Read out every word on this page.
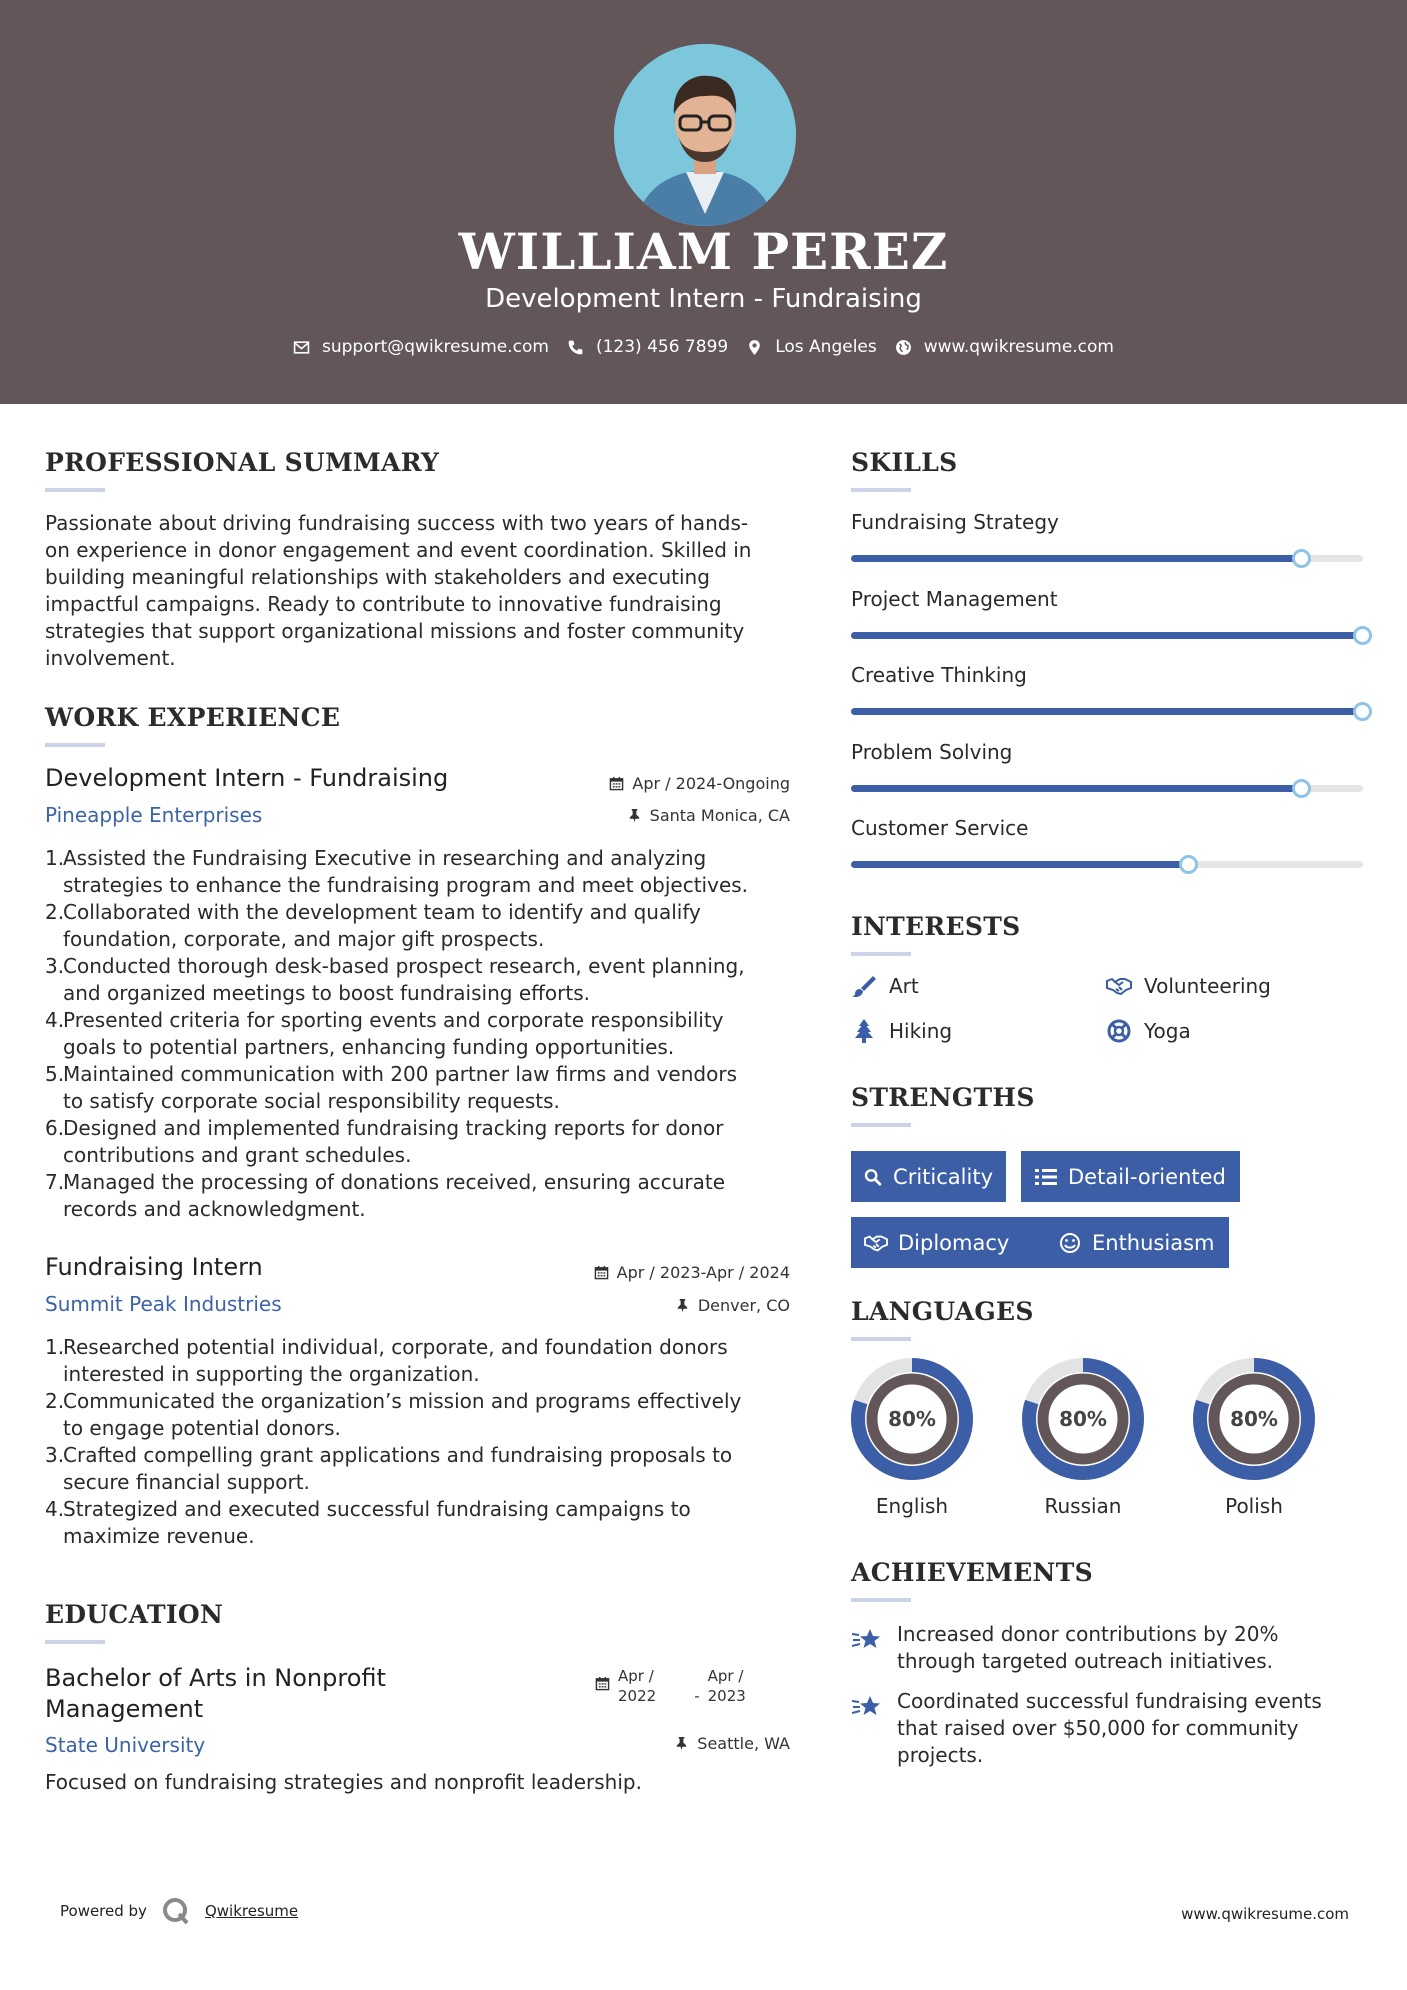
WILLIAM PEREZ
Development Intern - Fundraising
support@qwikresume.com	(123) 456 7899	Los Angeles	www.qwikresume.com
PROFESSIONAL SUMMARY
Passionate about driving fundraising success with two years of hands-
on experience in donor engagement and event coordination. Skilled in
building meaningful relationships with stakeholders and executing
impactful campaigns. Ready to contribute to innovative fundraising
strategies that support organizational missions and foster community
involvement.
WORK EXPERIENCE
Development Intern - Fundraising	Apr / 2024-Ongoing
Pineapple Enterprises	Santa Monica, CA
Assisted the Fundraising Executive in researching and analyzing
strategies to enhance the fundraising program and meet objectives.
Collaborated with the development team to identify and qualify
foundation, corporate, and major gift prospects.
Conducted thorough desk-based prospect research, event planning,
and organized meetings to boost fundraising efforts.
Presented criteria for sporting events and corporate responsibility
goals to potential partners, enhancing funding opportunities.
Maintained communication with 200 partner law firms and vendors
to satisfy corporate social responsibility requests.
Designed and implemented fundraising tracking reports for donor
contributions and grant schedules.
Managed the processing of donations received, ensuring accurate
records and acknowledgment.
Fundraising Intern	Apr / 2023-Apr / 2024
Summit Peak Industries	Denver, CO
Researched potential individual, corporate, and foundation donors
interested in supporting the organization.
Communicated the organization’s mission and programs effectively
to engage potential donors.
Crafted compelling grant applications and fundraising proposals to
secure financial support.
Strategized and executed successful fundraising campaigns to
maximize revenue.
EDUCATION
Bachelor of Arts in Nonprofit
Management
Apr /
2022	-
Apr /
2023
State University	Seattle, WA
Focused on fundraising strategies and nonprofit leadership.
SKILLS
Fundraising Strategy
Project Management
Creative Thinking
Problem Solving
Customer Service
INTERESTS
Art	Volunteering
Hiking	Yoga
STRENGTHS
Criticality	Detail-oriented
Diplomacy	Enthusiasm
LANGUAGES
80%
English
80%
Russian
80%
Polish
ACHIEVEMENTS
Increased donor contributions by 20%
through targeted outreach initiatives.
Coordinated successful fundraising events
that raised over $50,000 for community
projects.
Powered by	Qwikresume	www.qwikresume.com
